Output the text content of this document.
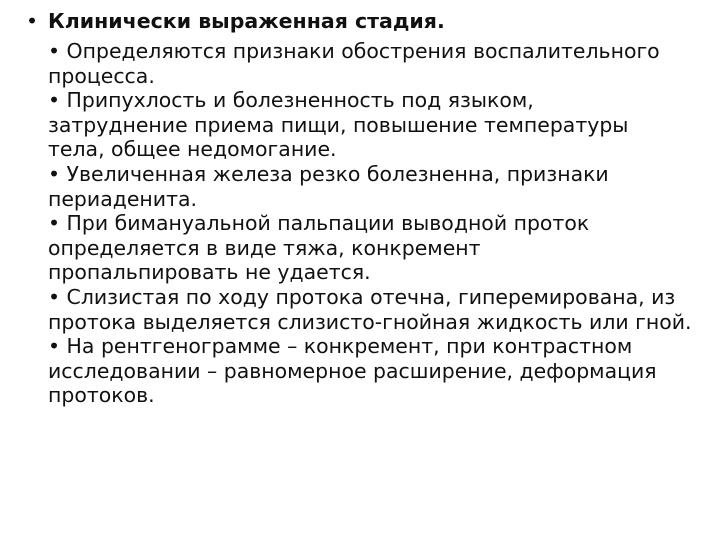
• Клинически выраженная стадия.
• Определяются признаки обострения воспалительного
процесса.
• Припухлость и болезненность под языком,
затруднение приема пищи, повышение температуры
тела, общее недомогание.
• Увеличенная железа резко болезненна, признаки
периаденита.
• При бимануальной пальпации выводной проток
определяется в виде тяжа, конкремент
пропальпировать не удается.
• Слизистая по ходу протока отечна, гиперемирована, из
протока выделяется слизисто-гнойная жидкость или гной.
• На рентгенограмме – конкремент, при контрастном
исследовании – равномерное расширение, деформация
протоков.
